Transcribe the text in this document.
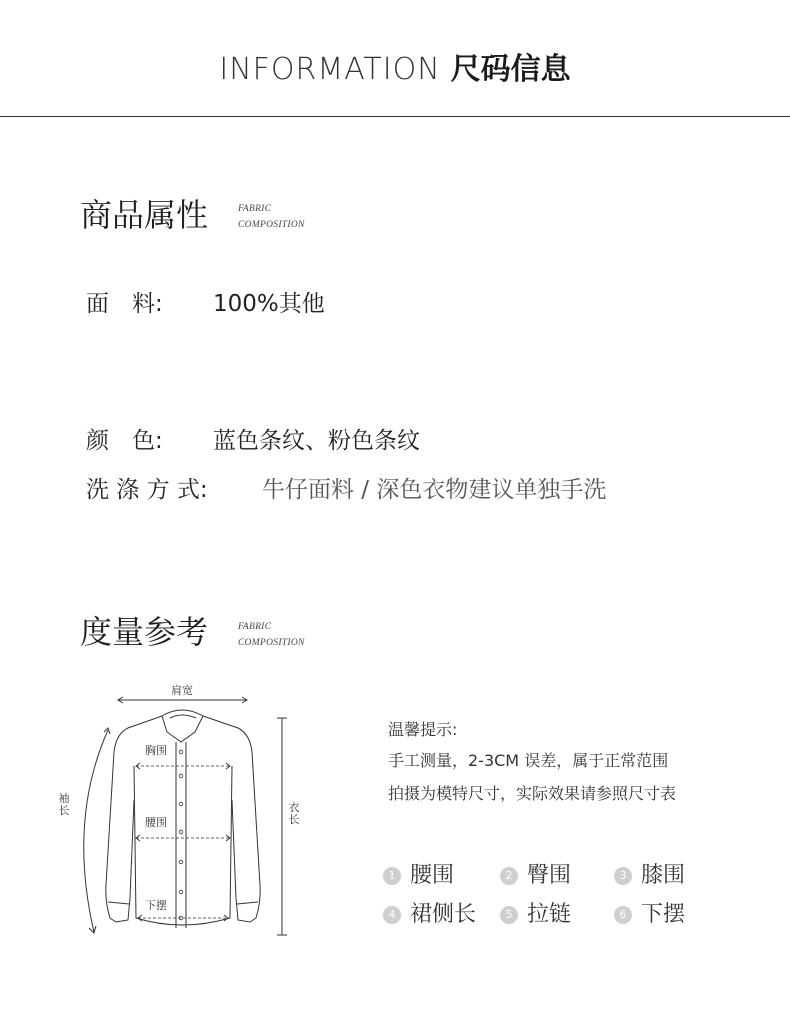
INFORMATION 尺码信息
商品属性	FABRIC
COMPOSITION
面　料: 100%其他
颜　色: 蓝色条纹、粉色条纹
洗 涤 方 式: 牛仔面料 / 深色衣物建议单独手洗
度量参考	FABRIC
COMPOSITION
肩宽
胸围
腰围
下摆
袖长	衣长
温馨提示:
手工测量，2-3CM 误差，属于正常范围
拍摄为模特尺寸，实际效果请参照尺寸表
1 腰围	2 臀围	3 膝围
4 裙侧长	5 拉链	6 下摆
